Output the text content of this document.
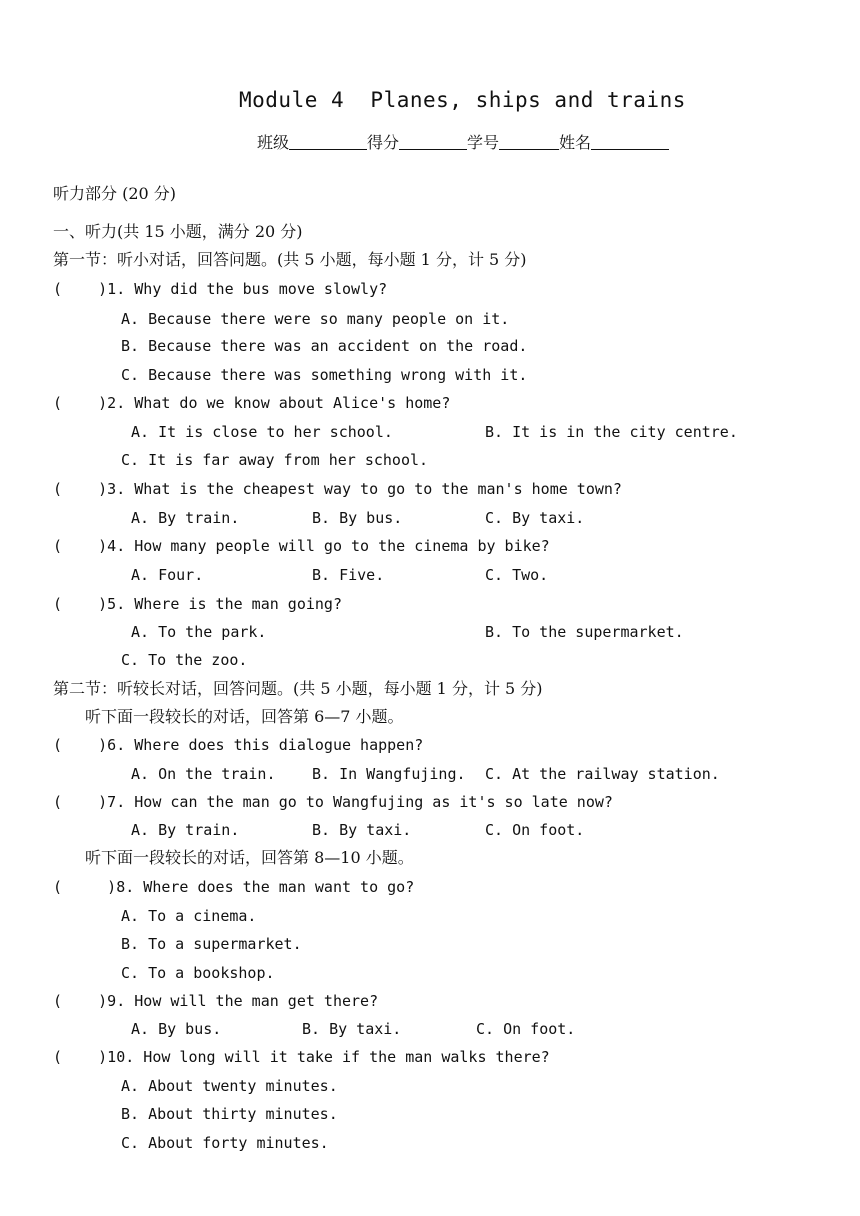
Module 4  Planes, ships and trains
班级	得分	学号	姓名
听力部分 (20 分)
一、听力(共 15 小题，满分 20 分)
第一节：听小对话，回答问题。(共 5 小题，每小题 1 分，计 5 分)
(    )1. Why did the bus move slowly?
A. Because there were so many people on it.
B. Because there was an accident on the road.
C. Because there was something wrong with it.
(    )2. What do we know about Alice's home?
A. It is close to her school.	B. It is in the city centre.
C. It is far away from her school.
(    )3. What is the cheapest way to go to the man's home town?
A. By train.	B. By bus.	C. By taxi.
(    )4. How many people will go to the cinema by bike?
A. Four.	B. Five.	C. Two.
(    )5. Where is the man going?
A. To the park.	B. To the supermarket.
C. To the zoo.
第二节：听较长对话，回答问题。(共 5 小题，每小题 1 分，计 5 分)
听下面一段较长的对话，回答第 6—7 小题。
(    )6. Where does this dialogue happen?
A. On the train. B. In Wangfujing. C. At the railway station.
(    )7. How can the man go to Wangfujing as it's so late now?
A. By train.	B. By taxi.	C. On foot.
听下面一段较长的对话，回答第 8—10 小题。
(     )8. Where does the man want to go?
A. To a cinema.
B. To a supermarket.
C. To a bookshop.
(    )9. How will the man get there?
A. By bus.	B. By taxi.	C. On foot.
(    )10. How long will it take if the man walks there?
A. About twenty minutes.
B. About thirty minutes.
C. About forty minutes.
